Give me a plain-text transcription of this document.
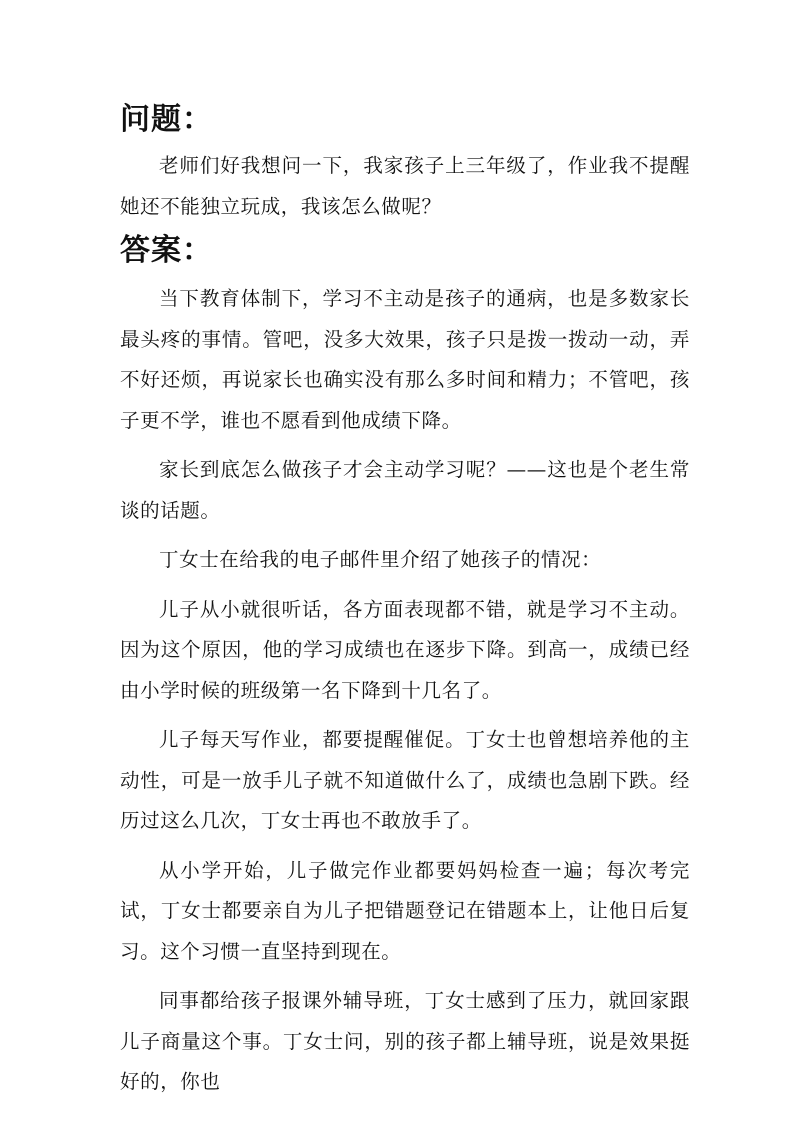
问题：

老师们好我想问一下，我家孩子上三年级了，作业我不提醒她还不能独立玩成，我该怎么做呢？

答案：

当下教育体制下，学习不主动是孩子的通病，也是多数家长最头疼的事情。管吧，没多大效果，孩子只是拨一拨动一动，弄不好还烦，再说家长也确实没有那么多时间和精力；不管吧，孩子更不学，谁也不愿看到他成绩下降。

家长到底怎么做孩子才会主动学习呢？——这也是个老生常谈的话题。

丁女士在给我的电子邮件里介绍了她孩子的情况：

儿子从小就很听话，各方面表现都不错，就是学习不主动。因为这个原因，他的学习成绩也在逐步下降。到高一，成绩已经由小学时候的班级第一名下降到十几名了。

儿子每天写作业，都要提醒催促。丁女士也曾想培养他的主动性，可是一放手儿子就不知道做什么了，成绩也急剧下跌。经历过这么几次，丁女士再也不敢放手了。

从小学开始，儿子做完作业都要妈妈检查一遍；每次考完试，丁女士都要亲自为儿子把错题登记在错题本上，让他日后复习。这个习惯一直坚持到现在。

同事都给孩子报课外辅导班，丁女士感到了压力，就回家跟儿子商量这个事。丁女士问，别的孩子都上辅导班，说是效果挺好的，你也
